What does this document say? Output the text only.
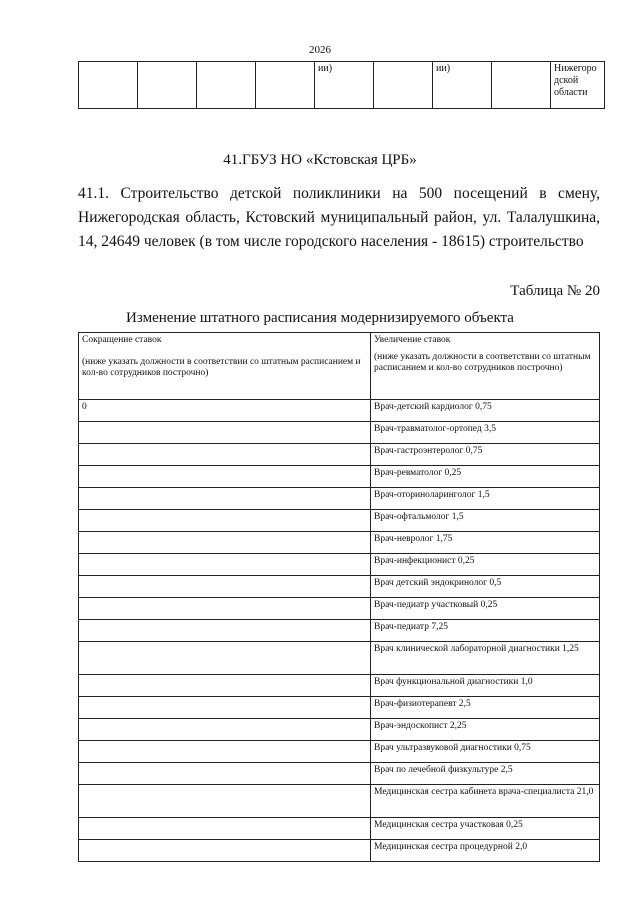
2026
				ии)		ии)		Нижегоро
дской
области
41.ГБУЗ НО «Кстовская ЦРБ»

41.1. Строительство детской поликлиники на 500 посещений в смену,
Нижегородская область, Кстовский муниципальный район, ул. Талалушкина,
14, 24649 человек (в том числе городского населения - 18615) строительство

Таблица № 20
Изменение штатного расписания модернизируемого объекта
Сокращение ставок
(ниже указать должности в соответствии со штатным расписанием и кол-во сотрудников построчно)	Увеличение ставок
(ниже указать должности в соответствии со штатным расписанием и кол-во сотрудников построчно)
0	Врач-детский кардиолог 0,75
	Врач-травматолог-ортопед 3,5
	Врач-гастроэнтеролог 0,75
	Врач-ревматолог 0,25
	Врач-оториноларинголог 1,5
	Врач-офтальмолог 1,5
	Врач-невролог 1,75
	Врач-инфекционист 0,25
	Врач детский эндокринолог 0,5
	Врач-педиатр участковый 0,25
	Врач-педиатр 7,25
	Врач клинической лабораторной диагностики 1,25
	Врач функциональной диагностики 1,0
	Врач-физиотерапевт 2,5
	Врач-эндоскопист 2,25
	Врач ультразвуковой диагностики 0,75
	Врач по лечебной физкультуре 2,5
	Медицинская сестра кабинета врача-специалиста 21,0
	Медицинская сестра участковая 0,25
	Медицинская сестра процедурной 2,0
